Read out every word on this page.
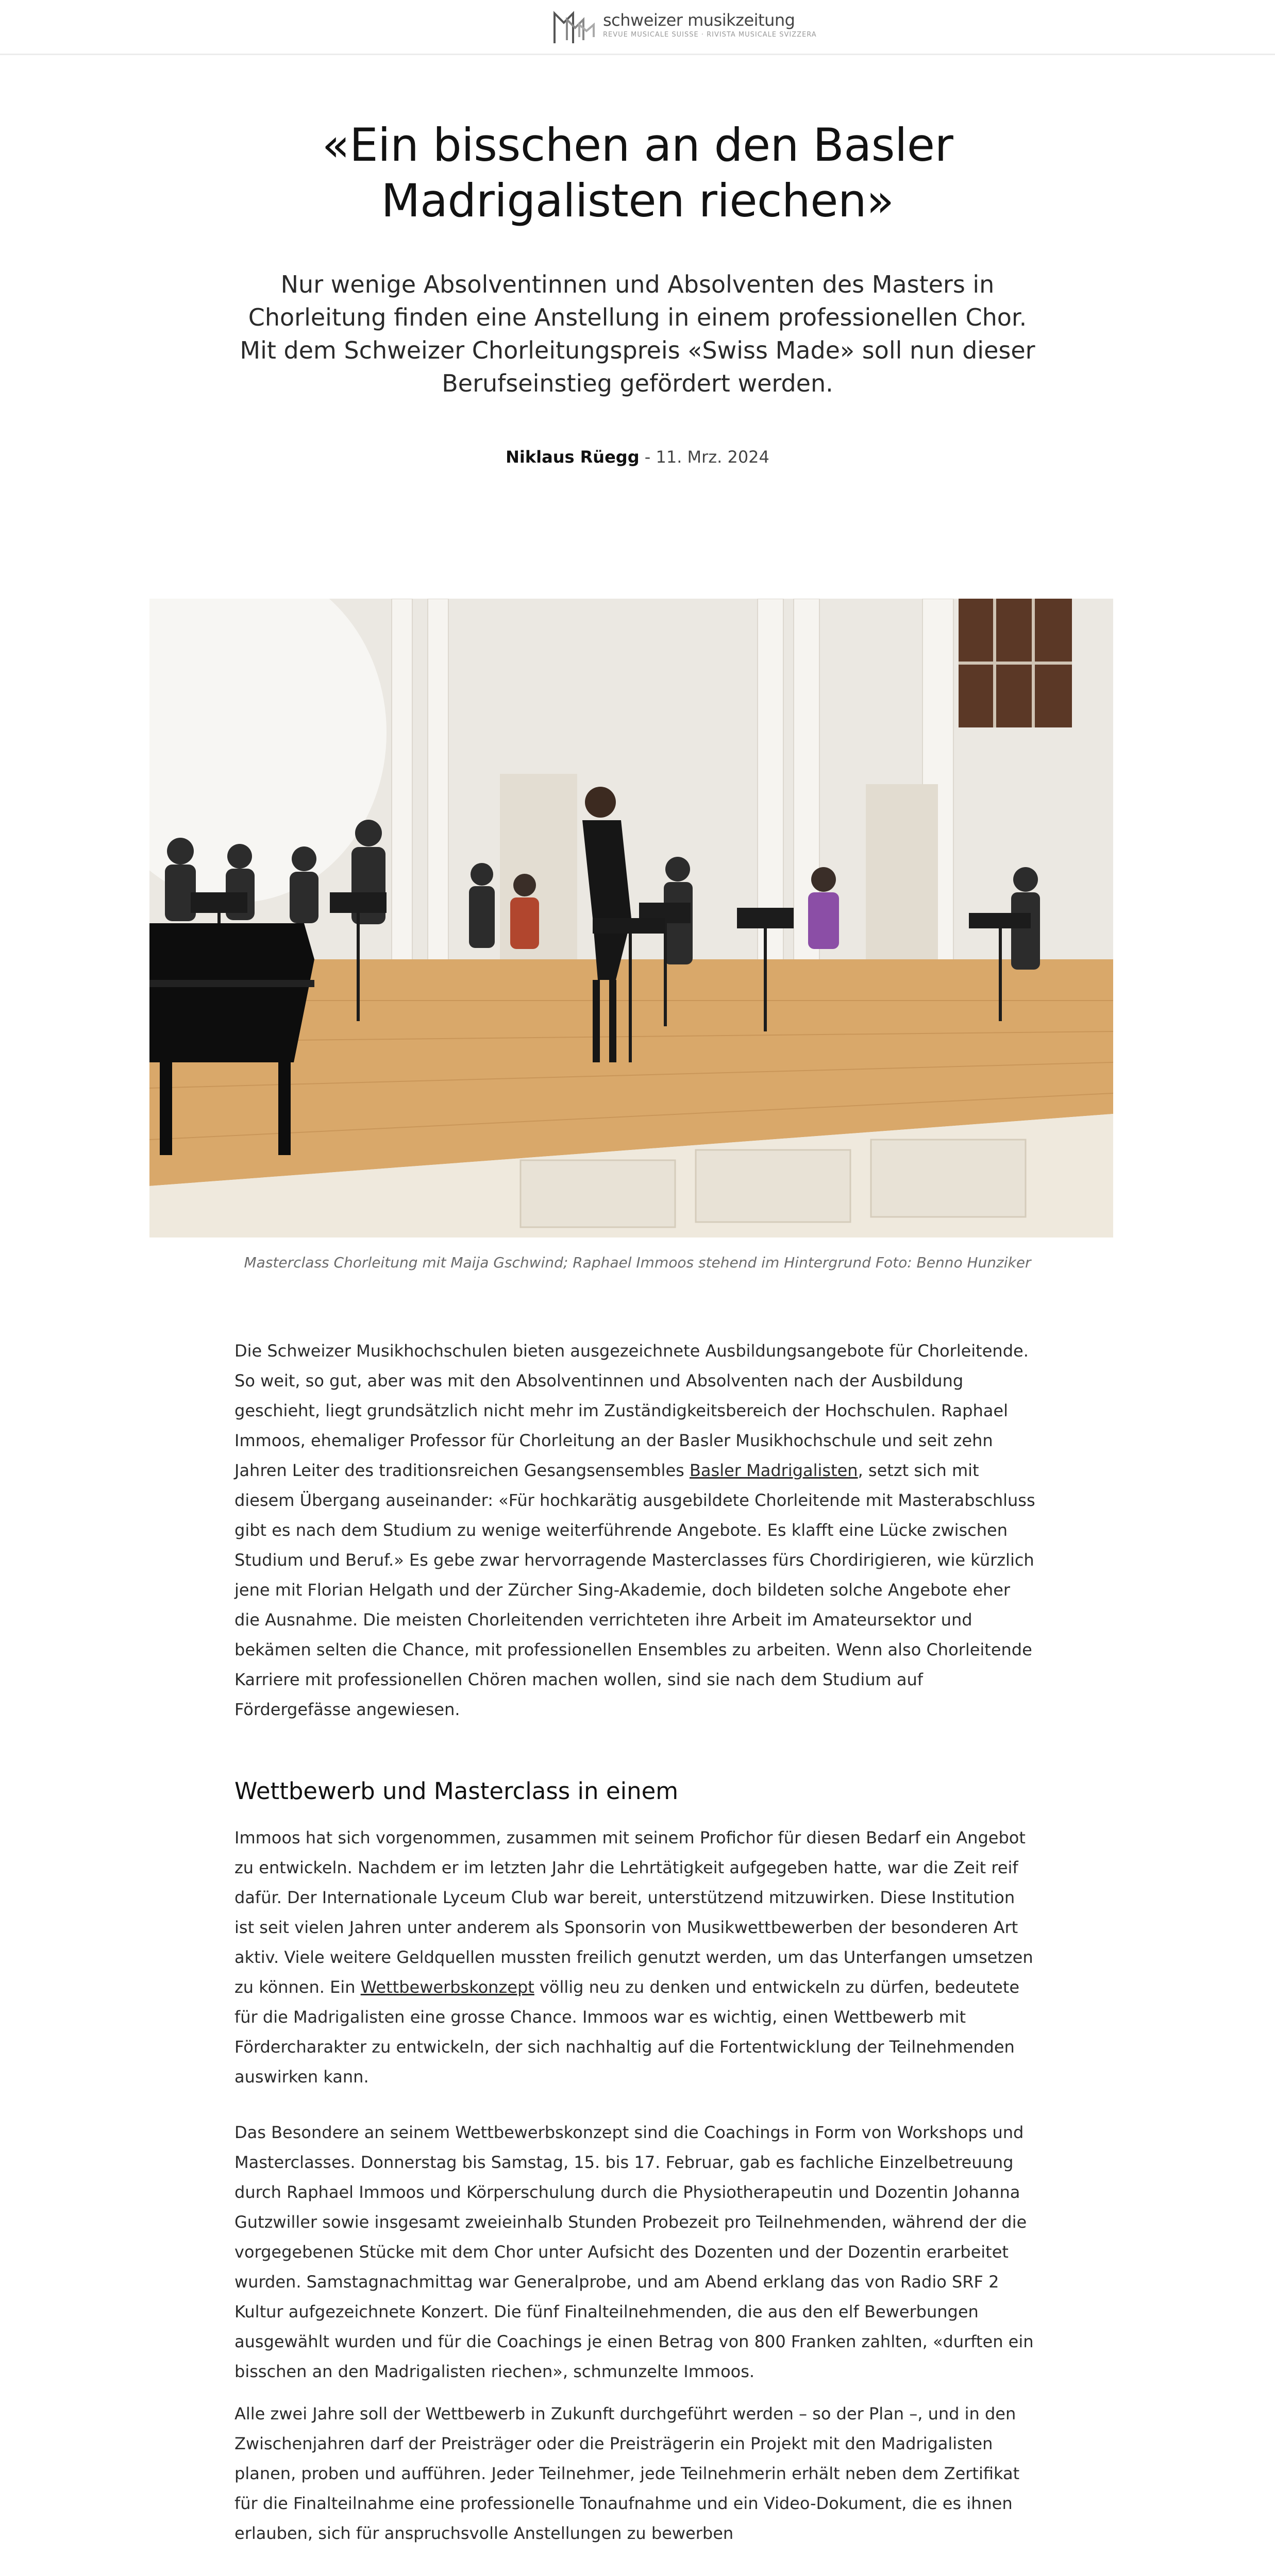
schweizer musikzeitung
REVUE MUSICALE SUISSE · RIVISTA MUSICALE SVIZZERA
«Ein bisschen an den Basler Madrigalisten riechen»

Nur wenige Absolventinnen und Absolventen des Masters in Chorleitung finden eine Anstellung in einem professionellen Chor. Mit dem Schweizer Chorleitungspreis «Swiss Made» soll nun dieser Berufseinstieg gefördert werden.

Niklaus Rüegg - 11. Mrz. 2024

Masterclass Chorleitung mit Maija Gschwind; Raphael Immoos stehend im Hintergrund Foto: Benno Hunziker

Die Schweizer Musikhochschulen bieten ausgezeichnete Ausbildungsangebote für Chorleitende. So weit, so gut, aber was mit den Absolventinnen und Absolventen nach der Ausbildung geschieht, liegt grundsätzlich nicht mehr im Zuständigkeitsbereich der Hochschulen. Raphael Immoos, ehemaliger Professor für Chorleitung an der Basler Musikhochschule und seit zehn Jahren Leiter des traditionsreichen Gesangsensembles Basler Madrigalisten, setzt sich mit diesem Übergang auseinander: «Für hochkarätig ausgebildete Chorleitende mit Masterabschluss gibt es nach dem Studium zu wenige weiterführende Angebote. Es klafft eine Lücke zwischen Studium und Beruf.» Es gebe zwar hervorragende Masterclasses fürs Chordirigieren, wie kürzlich jene mit Florian Helgath und der Zürcher Sing-Akademie, doch bildeten solche Angebote eher die Ausnahme. Die meisten Chorleitenden verrichteten ihre Arbeit im Amateursektor und bekämen selten die Chance, mit professionellen Ensembles zu arbeiten. Wenn also Chorleitende Karriere mit professionellen Chören machen wollen, sind sie nach dem Studium auf Fördergefässe angewiesen.

Wettbewerb und Masterclass in einem

Immoos hat sich vorgenommen, zusammen mit seinem Profichor für diesen Bedarf ein Angebot zu entwickeln. Nachdem er im letzten Jahr die Lehrtätigkeit aufgegeben hatte, war die Zeit reif dafür. Der Internationale Lyceum Club war bereit, unterstützend mitzuwirken. Diese Institution ist seit vielen Jahren unter anderem als Sponsorin von Musikwettbewerben der besonderen Art aktiv. Viele weitere Geldquellen mussten freilich genutzt werden, um das Unterfangen umsetzen zu können. Ein Wettbewerbskonzept völlig neu zu denken und entwickeln zu dürfen, bedeutete für die Madrigalisten eine grosse Chance. Immoos war es wichtig, einen Wettbewerb mit Fördercharakter zu entwickeln, der sich nachhaltig auf die Fortentwicklung der Teilnehmenden auswirken kann.

Das Besondere an seinem Wettbewerbskonzept sind die Coachings in Form von Workshops und Masterclasses. Donnerstag bis Samstag, 15. bis 17. Februar, gab es fachliche Einzelbetreuung durch Raphael Immoos und Körperschulung durch die Physiotherapeutin und Dozentin Johanna Gutzwiller sowie insgesamt zweieinhalb Stunden Probezeit pro Teilnehmenden, während der die vorgegebenen Stücke mit dem Chor unter Aufsicht des Dozenten und der Dozentin erarbeitet wurden. Samstagnachmittag war Generalprobe, und am Abend erklang das von Radio SRF 2 Kultur aufgezeichnete Konzert. Die fünf Finalteilnehmenden, die aus den elf Bewerbungen ausgewählt wurden und für die Coachings je einen Betrag von 800 Franken zahlten, «durften ein bisschen an den Madrigalisten riechen», schmunzelte Immoos.

Alle zwei Jahre soll der Wettbewerb in Zukunft durchgeführt werden – so der Plan –, und in den Zwischenjahren darf der Preisträger oder die Preisträgerin ein Projekt mit den Madrigalisten planen, proben und aufführen. Jeder Teilnehmer, jede Teilnehmerin erhält neben dem Zertifikat für die Finalteilnahme eine professionelle Tonaufnahme und ein Video-Dokument, die es ihnen erlauben, sich für anspruchsvolle Anstellungen zu bewerben
